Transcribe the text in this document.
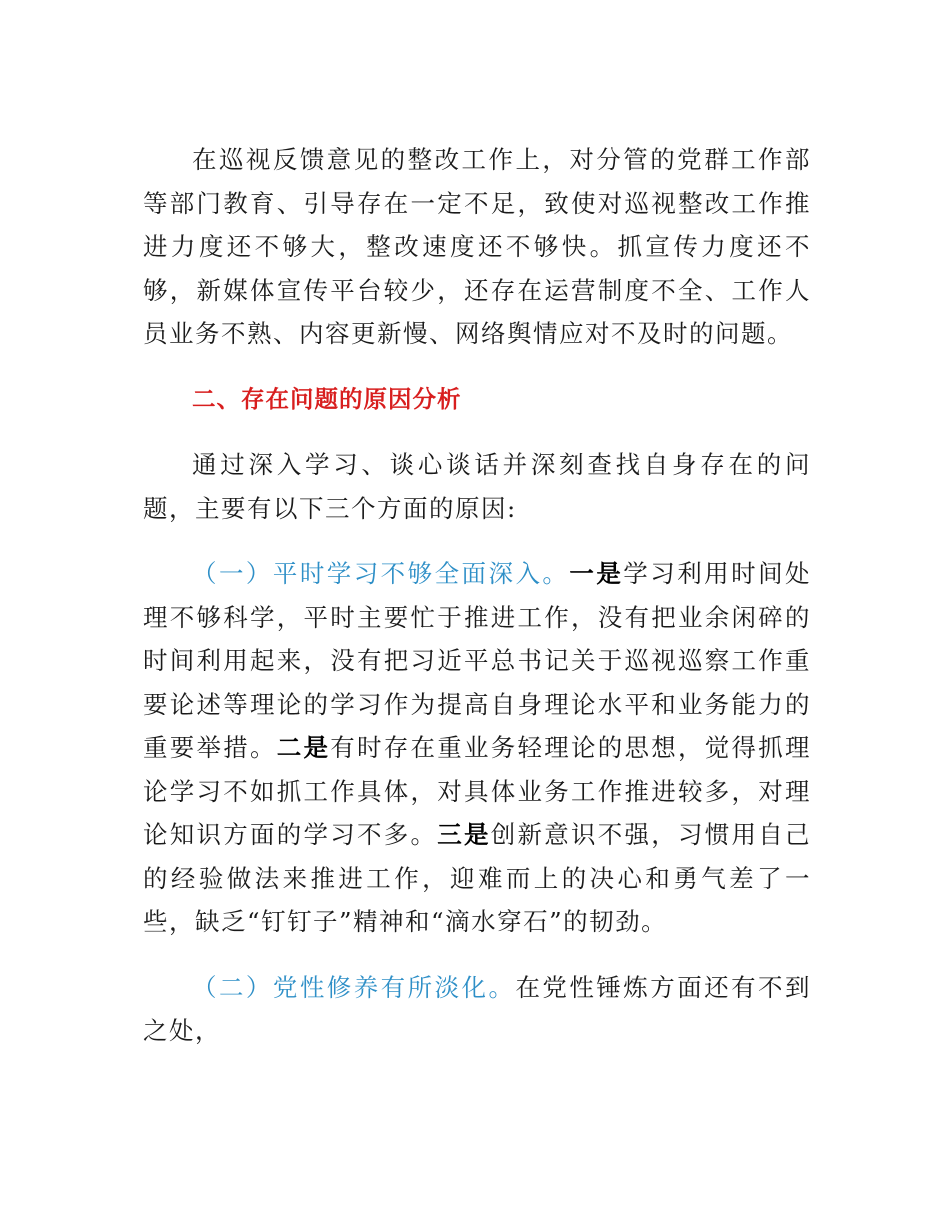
在巡视反馈意见的整改工作上，对分管的党群工作部等部门教育、引导存在一定不足，致使对巡视整改工作推进力度还不够大，整改速度还不够快。抓宣传力度还不够，新媒体宣传平台较少，还存在运营制度不全、工作人员业务不熟、内容更新慢、网络舆情应对不及时的问题。

二、存在问题的原因分析

通过深入学习、谈心谈话并深刻查找自身存在的问题，主要有以下三个方面的原因:

（一）平时学习不够全面深入。一是学习利用时间处理不够科学，平时主要忙于推进工作，没有把业余闲碎的时间利用起来，没有把习近平总书记关于巡视巡察工作重要论述等理论的学习作为提高自身理论水平和业务能力的重要举措。二是有时存在重业务轻理论的思想，觉得抓理论学习不如抓工作具体，对具体业务工作推进较多，对理论知识方面的学习不多。三是创新意识不强，习惯用自己的经验做法来推进工作，迎难而上的决心和勇气差了一些，缺乏“钉钉子”精神和“滴水穿石”的韧劲。

（二）党性修养有所淡化。在党性锤炼方面还有不到之处，
